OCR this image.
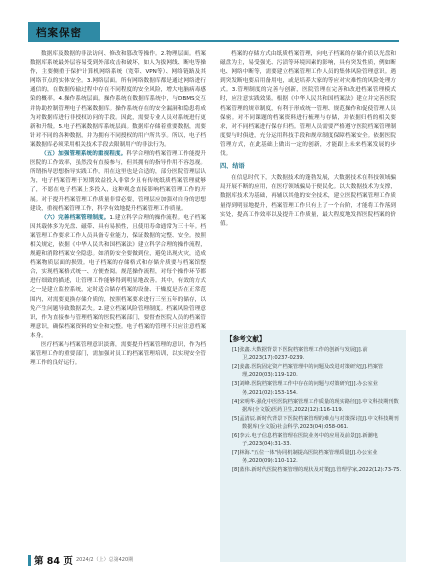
档案保密

数据库及数据的非法访问、修改和篡改等操作。2.物理层面。档案数据库系统最外层容易受到外部攻击和破坏，如人为拔网线、断电等操作，主要侧重于保护计算机网络系统（宽带、VPN等）、网络链路及其网络节点的实体安全。3.网络层面。所有网络数据库都是通过网络进行通信的，在数据传输过程中存在不同程度的安全风险，增大电脑病毒感染的概率。4.操作系统层面。操作系统在数据库系统中，与DBMS交互并协助控制管理电子档案数据库。操作系统存在的安全漏洞和隐患将成为对数据库进行非授权访问的手段。因此，需要专业人员对系统进行更新和升级。5.电子档案数据库系统层面。数据库存储着重要数据，需要针对不同的各种数据，并为拥有不同授权的用户所共享。所以，电子档案数据库必须采用相关技术手段去限制用户的非法行为。

（五）加强管理系统的重视程度。科学合理的档案管理工作能提升医院的工作效率，虽然没有直接参与，但其拥有的指导作用不容忽视。所谓指导思想指导实践工作，用在这里也是合适的，部分医院管理层认为，电子档案管理于短期效益投入非常少且有传统纸质档案管理就够了，不愿在电子档案上多投入，这种观念直接影响档案管理工作的开展。对于提升档案管理工作质量非常必要，管理层应加强对自身的思想建设，重视档案管理工作，科学有效地提升档案管理工作质量。

（六）完善档案管理制度。1.建立科学合理的操作流程。电子档案因其载体多为光盘、磁带、具有易损性，且使用寿命通常为三十年。档案管理工作要求工作人员具备专业能力，保证数据的完整、安全。按照相关规定，依据《中华人民共和国档案法》建立科学合理的操作流程，规避和消除档案安全隐患。如消防安全要做到位，避免出现火灾，造成档案物质层面的损毁。电子档案的存储格式和存储介质要与档案馆整合，实现档案格式统一、方便查阅。规范操作流程，对每个操作环节都进行细致的描述，让管理工作能够得到明显地改善。其中，有效的方式之一是建立监控系统，定时适合储存档案的设备、干燥度是否在正常范围内，对需要更换存储介质的，按照档案要求进行三至五年的储存，以免产生问题导致数据丢失。2.建立档案风险管理制度。档案风险管理意识，作为直接参与管理档案的医院档案部门，要督查医院人员的档案管理意识，确保档案资料的安全和完整。电子档案的管理不只应注意档案本身。

医疗档案与档案管理意识淡薄，需要提升档案管理的意识，作为档案管理工作的重要部门，需加强对员工的档案管理培训，以实现安全管理工作的良好运行。

档案的存储方式由纸质档案管理，向电子档案的存储介质以光盘和磁盘为主，易受强光、污渍等环境因素的影响，具有突发性质，例如断电、网络中断等，需要建立档案管理工作人员的集体风险管理意识。遇到突发断电要启用备用电，或是培养大家的等应对灾难性的风险处理方式。3.管理制度的完善与创新，医院管理在完善和改进档案管理模式时，应注意实践效果。根据《中华人民共和国档案法》建立并完善医院档案管理的规章制度，有利于形成统一管理、规范操作和促使管理人员保密。对不同课题的档案资料进行梳理与存储，并依据归档的相关要求，对不同档案进行保存归档。管理人员需要严格遵守医院档案管理制度要与时俱进，充分运用科技手段和规章制度保障档案安全。依据医院管理方式，在此基础上做出一定的创新，才能跟上未来档案发展的步伐。

四、结语

在信息时代下，大数据技术的蓬勃发展，大数据技术在科技领域骗局开展不断的应用，在医疗领域骗局于便民化。以大数据技术为支撑，数据库技术为基础，再辅以其他的安全技术，建立医院档案管理工作质量得到明显地提升，档案管理工作只有上了一个台阶，才能将工作落到实处，提高工作效率以及提升工作质量，最大程度地发挥医院档案的价值。

【参考文献】
[1]张鑫.大数据背景下医院档案管理工作的创新与发展[J].前卫,2023(17):0237-0239.
[2]姜鑫.医院固定资产档案管理中的问题及改进对策研究[J].档案管理,2020(03):119-120.
[3]刘峰.医院档案管理工作中存在的问题与对策研究[J].办公室业务,2021(02):153-154.
[4]宋明华.强化中医医院档案管理工作质量的现实路径[J].中文科技期刊数据库(全文版)医药卫生,2022(12):116-119.
[5]孟清辰.新时代背景下医院档案管理的难点与对策探讨[J].中文科技期刊数据库(全文版)社会科学,2023(04):058-061.
[6]李云.电子信息档案管理在医院业务中的应用及前景[J].新潮电子,2023(04):31-33.
[7]林海."五位一体"协同机制提高医院档案管理质量[J].办公室业务,2020(09):110-112.
[8]蓝伟.新时代医院档案管理的现状及对策[J].管理学家,2022(12):73-75.
第 84 页 2024/2（上）总第420期
